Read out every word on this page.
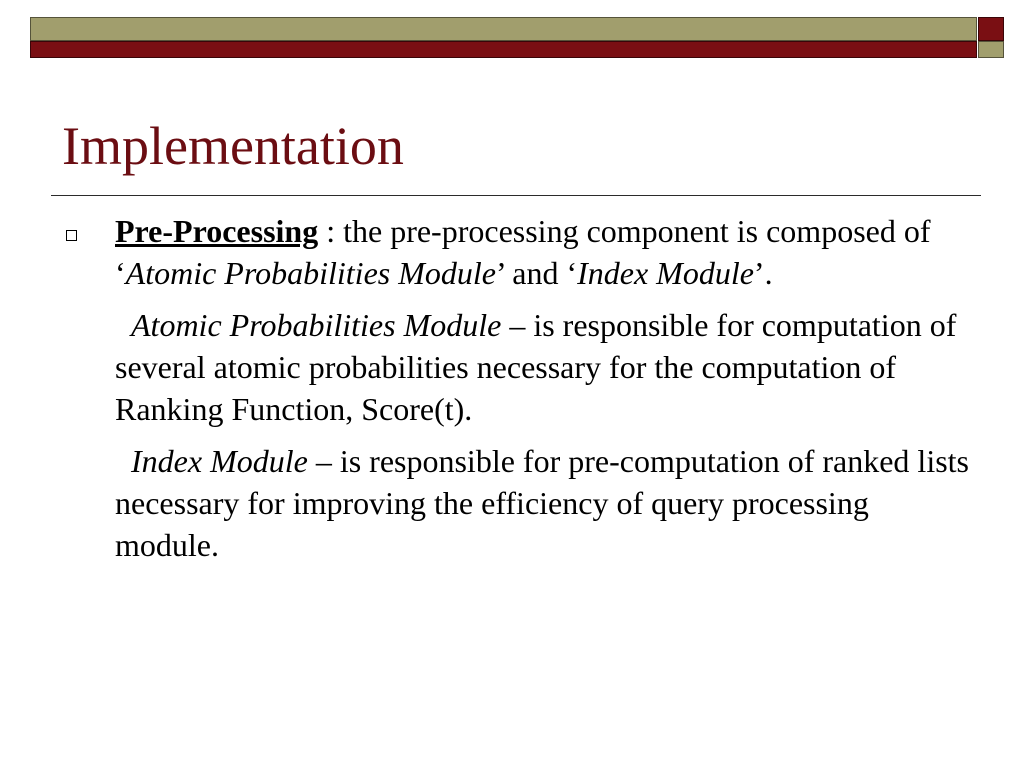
Implementation

Pre-Processing : the pre-processing component is composed of ‘Atomic Probabilities Module’ and ‘Index Module’.

Atomic Probabilities Module – is responsible for computation of several atomic probabilities necessary for the computation of Ranking Function, Score(t).

Index Module – is responsible for pre-computation of ranked lists necessary for improving the efficiency of query processing module.
